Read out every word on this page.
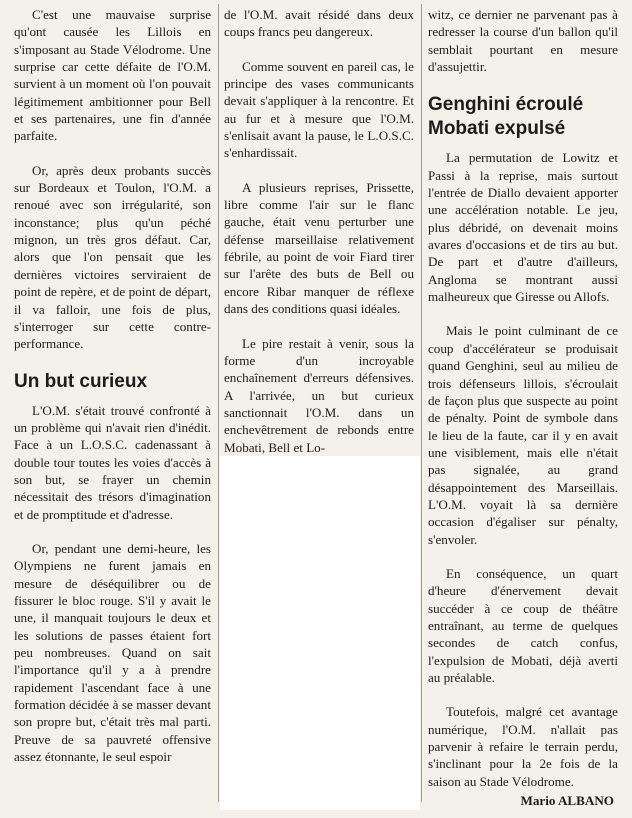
C'est une mauvaise surprise qu'ont causée les Lillois en s'imposant au Stade Vélodrome. Une surprise car cette défaite de l'O.M. survient à un moment où l'on pouvait légitimement ambitionner pour Bell et ses partenaires, une fin d'année parfaite.

Or, après deux probants succès sur Bordeaux et Toulon, l'O.M. a renoué avec son irrégularité, son inconstance; plus qu'un péché mignon, un très gros défaut. Car, alors que l'on pensait que les dernières victoires serviraient de point de repère, et de point de départ, il va falloir, une fois de plus, s'interroger sur cette contre-performance.

Un but curieux

L'O.M. s'était trouvé confronté à un problème qui n'avait rien d'inédit. Face à un L.O.S.C. cadenassant à double tour toutes les voies d'accès à son but, se frayer un chemin nécessitait des trésors d'imagination et de promptitude et d'adresse.

Or, pendant une demi-heure, les Olympiens ne furent jamais en mesure de déséquilibrer ou de fissurer le bloc rouge. S'il y avait le une, il manquait toujours le deux et les solutions de passes étaient fort peu nombreuses. Quand on sait l'importance qu'il y a à prendre rapidement l'ascendant face à une formation décidée à se masser devant son propre but, c'était très mal parti. Preuve de sa pauvreté offensive assez étonnante, le seul espoir

de l'O.M. avait résidé dans deux coups francs peu dangereux.

Comme souvent en pareil cas, le principe des vases communicants devait s'appliquer à la rencontre. Et au fur et à mesure que l'O.M. s'enlisait avant la pause, le L.O.S.C. s'enhardissait.

A plusieurs reprises, Prissette, libre comme l'air sur le flanc gauche, était venu perturber une défense marseillaise relativement fébrile, au point de voir Fiard tirer sur l'arête des buts de Bell ou encore Ribar manquer de réflexe dans des conditions quasi idéales.

Le pire restait à venir, sous la forme d'un incroyable enchaînement d'erreurs défensives. A l'arrivée, un but curieux sanctionnait l'O.M. dans un enchevêtrement de rebonds entre Mobati, Bell et Lo-

witz, ce dernier ne parvenant pas à redresser la course d'un ballon qu'il semblait pourtant en mesure d'assujettir.

Genghini écroulé Mobati expulsé

La permutation de Lowitz et Passi à la reprise, mais surtout l'entrée de Diallo devaient apporter une accélération notable. Le jeu, plus débridé, on devenait moins avares d'occasions et de tirs au but. De part et d'autre d'ailleurs, Anglomа se montrant aussi malheureux que Giresse ou Allofs.

Mais le point culminant de ce coup d'accélérateur se produisait quand Genghini, seul au milieu de trois défenseurs lillois, s'écroulait de façon plus que suspecte au point de pénalty. Point de symbole dans le lieu de la faute, car il y en avait une visiblement, mais elle n'était pas signalée, au grand désappointement des Marseillais. L'O.M. voyait là sa dernière occasion d'égaliser sur pénalty, s'envoler.

En conséquence, un quart d'heure d'énervement devait succéder à ce coup de théâtre entraînant, au terme de quelques secondes de catch confus, l'expulsion de Mobati, déjà averti au préalable.

Toutefois, malgré cet avantage numérique, l'O.M. n'allait pas parvenir à refaire le terrain perdu, s'inclinant pour la 2e fois de la saison au Stade Vélodrome.

Mario ALBANO
